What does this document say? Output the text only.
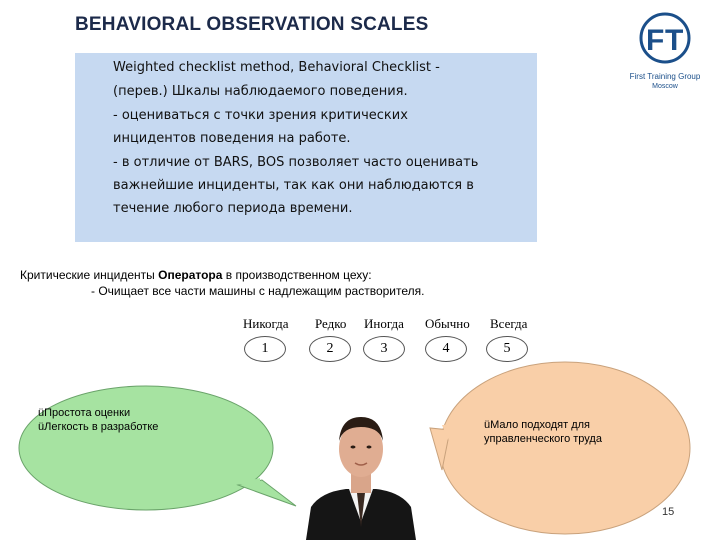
BEHAVIORAL OBSERVATION SCALES	F T
First Training Group
Moscow
Weighted checklist method, Behavioral Checklist -
(перев.) Шкалы наблюдаемого поведения.
- оцениваться с точки зрения критических
инцидентов поведения на работе.
- в отличие от BARS, BOS позволяет часто оценивать
важнейшие инциденты, так как они наблюдаются в
течение любого периода времени.
Критические инциденты Оператора в производственном цеху:
- Очищает все части машины с надлежащим растворителя.
Никогда Редко Иногда Обычно Всегда
1	2	3	4	5
üПростота оценки
üЛегкость в разработке	üМало подходят для
управленческого труда
15
